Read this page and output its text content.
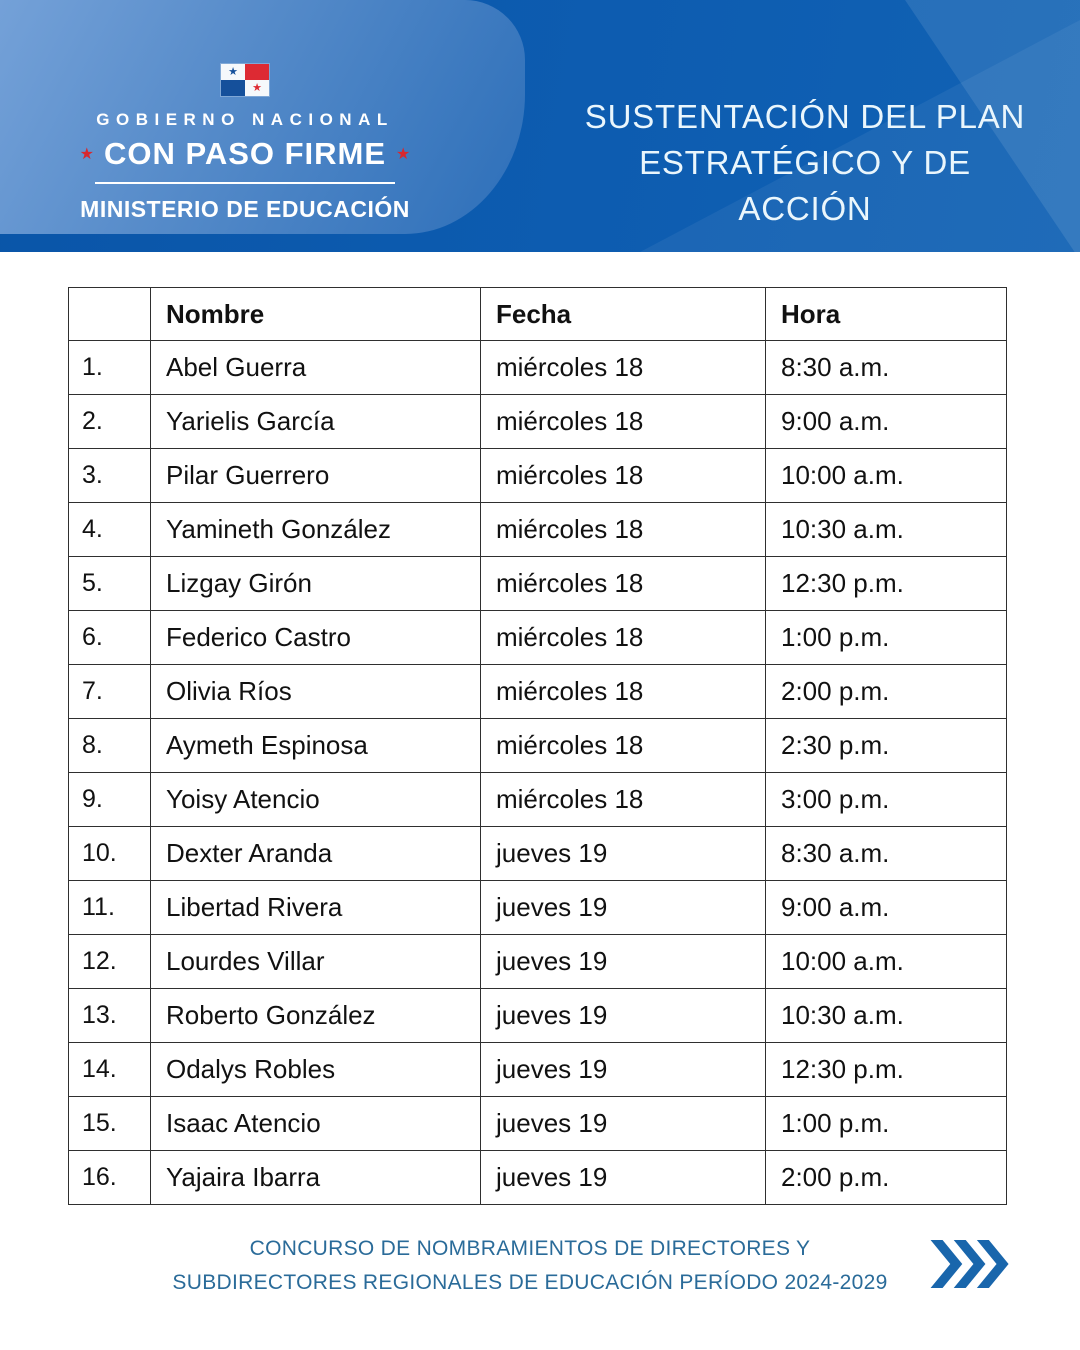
★
★
GOBIERNO NACIONAL
★ CON PASO FIRME ★
MINISTERIO DE EDUCACIÓN
SUSTENTACIÓN DEL PLAN
ESTRATÉGICO Y DE ACCIÓN
	Nombre	Fecha	Hora
1.	Abel Guerra	miércoles 18	8:30 a.m.
2.	Yarielis García	miércoles 18	9:00 a.m.
3.	Pilar Guerrero	miércoles 18	10:00 a.m.
4.	Yamineth González	miércoles 18	10:30 a.m.
5.	Lizgay Girón	miércoles 18	12:30 p.m.
6.	Federico Castro	miércoles 18	1:00 p.m.
7.	Olivia Ríos	miércoles 18	2:00 p.m.
8.	Aymeth Espinosa	miércoles 18	2:30 p.m.
9.	Yoisy Atencio	miércoles 18	3:00 p.m.
10.	Dexter Aranda	jueves 19	8:30 a.m.
11.	Libertad Rivera	jueves 19	9:00 a.m.
12.	Lourdes Villar	jueves 19	10:00 a.m.
13.	Roberto González	jueves 19	10:30 a.m.
14.	Odalys Robles	jueves 19	12:30 p.m.
15.	Isaac Atencio	jueves 19	1:00 p.m.
16.	Yajaira Ibarra	jueves 19	2:00 p.m.
CONCURSO DE NOMBRAMIENTOS DE DIRECTORES Y
SUBDIRECTORES REGIONALES DE EDUCACIÓN PERÍODO 2024-2029
